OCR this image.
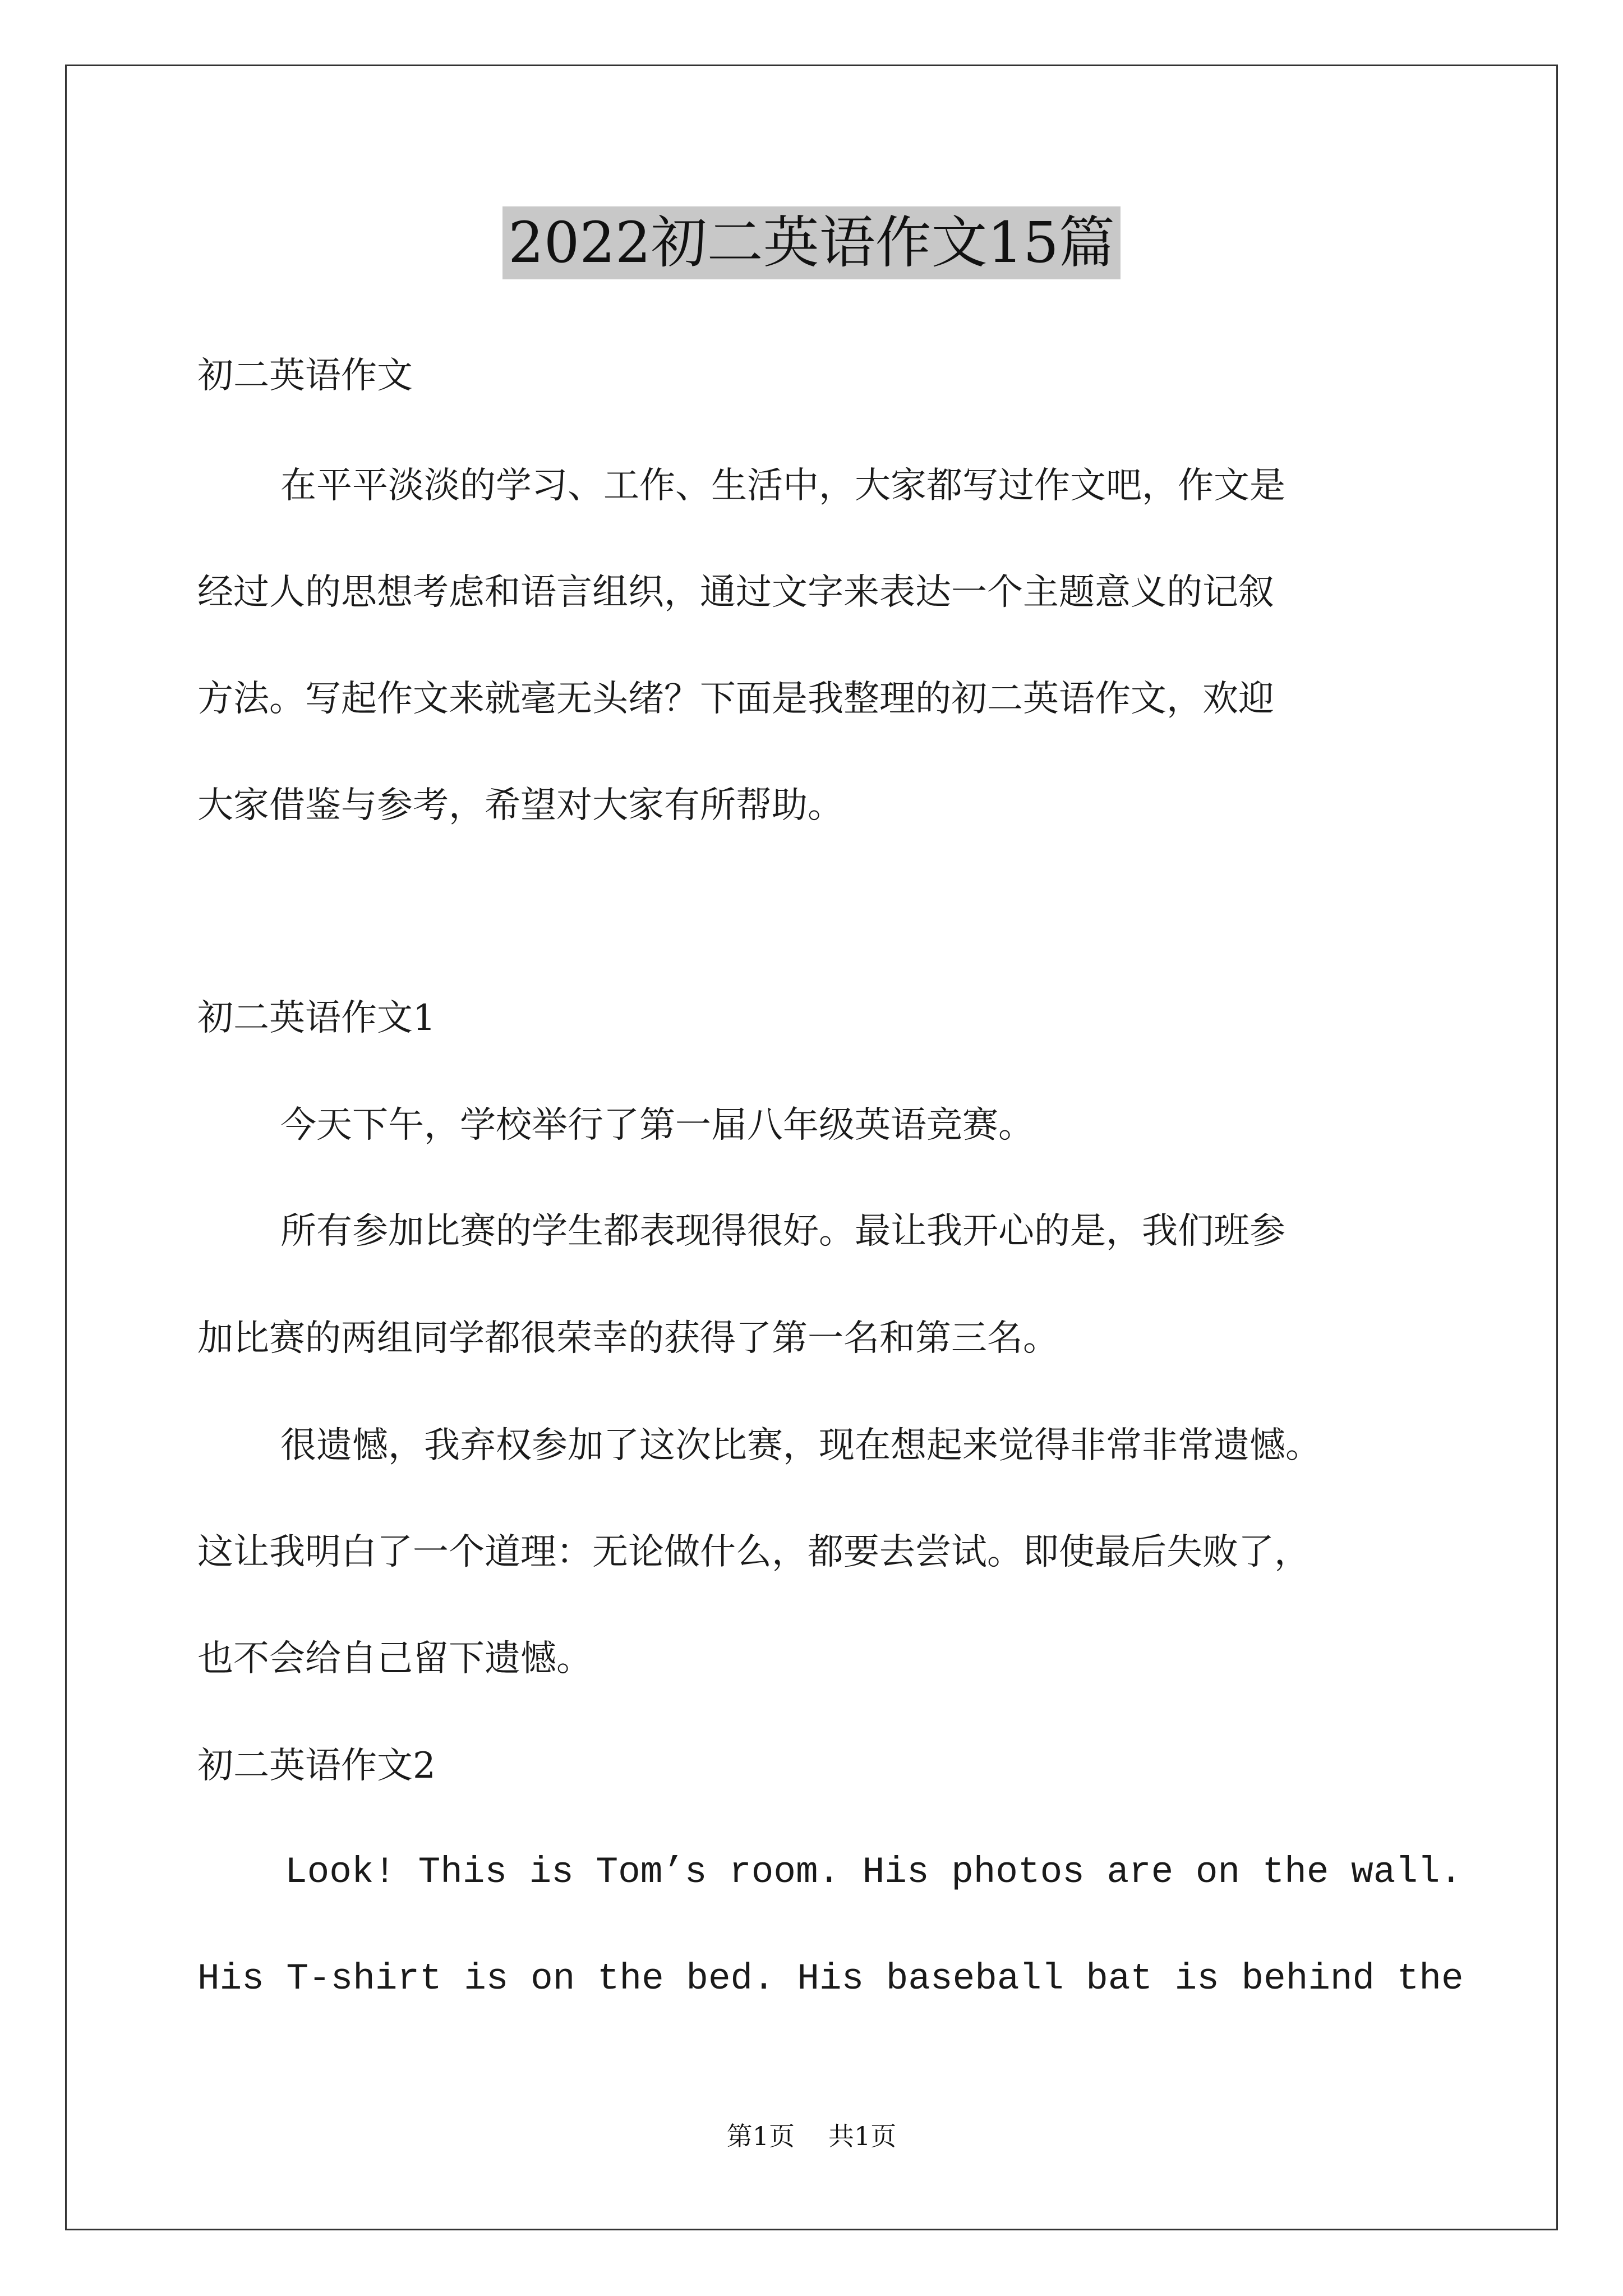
2022初二英语作文15篇

初二英语作文

在平平淡淡的学习、工作、生活中，大家都写过作文吧，作文是

经过人的思想考虑和语言组织，通过文字来表达一个主题意义的记叙

方法。写起作文来就毫无头绪？下面是我整理的初二英语作文，欢迎

大家借鉴与参考，希望对大家有所帮助。

初二英语作文1

今天下午，学校举行了第一届八年级英语竞赛。

所有参加比赛的学生都表现得很好。最让我开心的是，我们班参

加比赛的两组同学都很荣幸的获得了第一名和第三名。

很遗憾，我弃权参加了这次比赛，现在想起来觉得非常非常遗憾。

这让我明白了一个道理：无论做什么，都要去尝试。即使最后失败了，

也不会给自己留下遗憾。

初二英语作文2

Look! This is Tom’s room. His photos are on the wall.

His T-shirt is on the bed. His baseball bat is behind the

第1页 共1页
